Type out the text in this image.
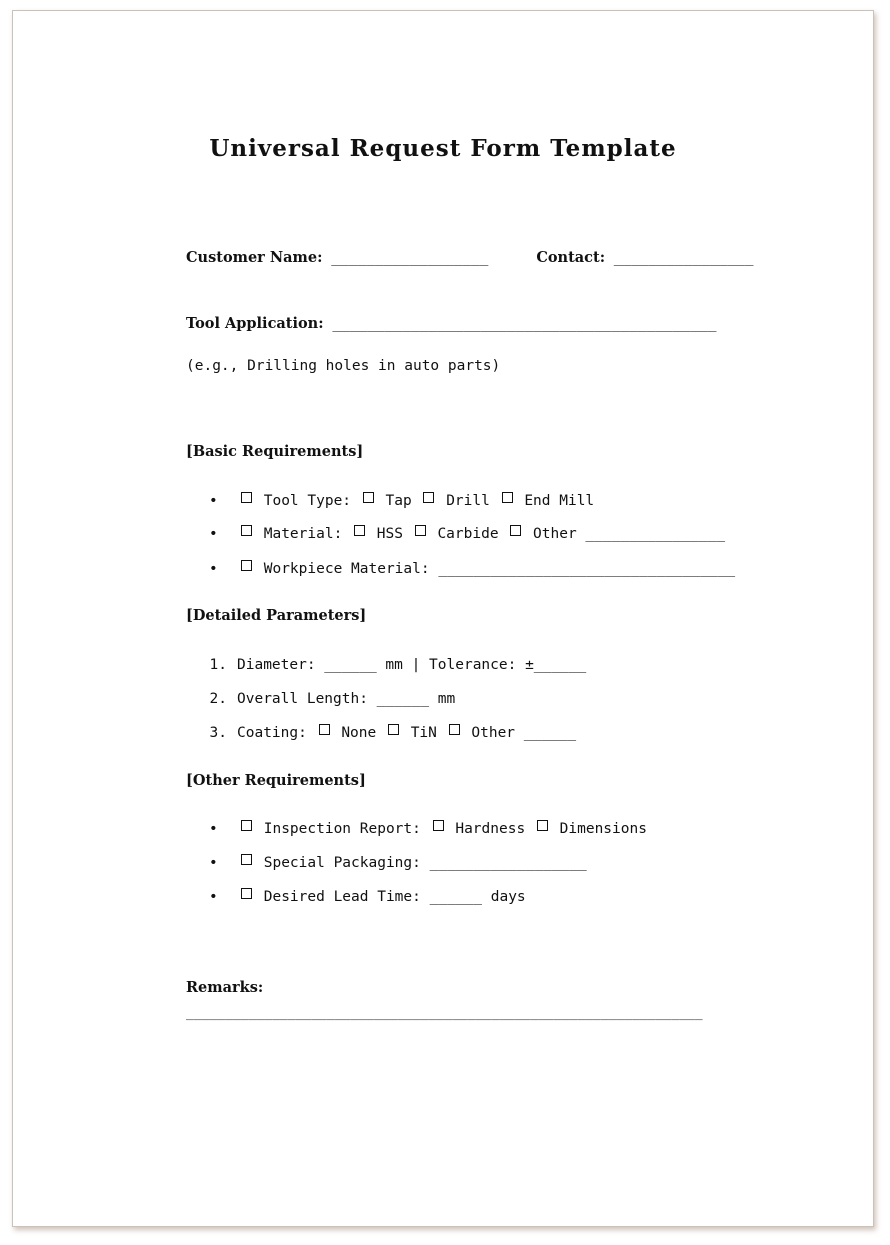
Universal Request Form Template
Customer Name: __________________	Contact: ________________
Tool Application: ____________________________________________
(e.g., Drilling holes in auto parts)
[Basic Requirements]
•	Tool Type: Tap Drill End Mill
•	Material: HSS Carbide Other ________________
•	Workpiece Material: __________________________________
[Detailed Parameters]
1. Diameter: ______ mm | Tolerance: ±______
2. Overall Length: ______ mm
3. Coating: None TiN Other ______
[Other Requirements]
•	Inspection Report: Hardness Dimensions
•	Special Packaging: __________________
•	Desired Lead Time: ______ days
Remarks:
__________________________________________________________________
